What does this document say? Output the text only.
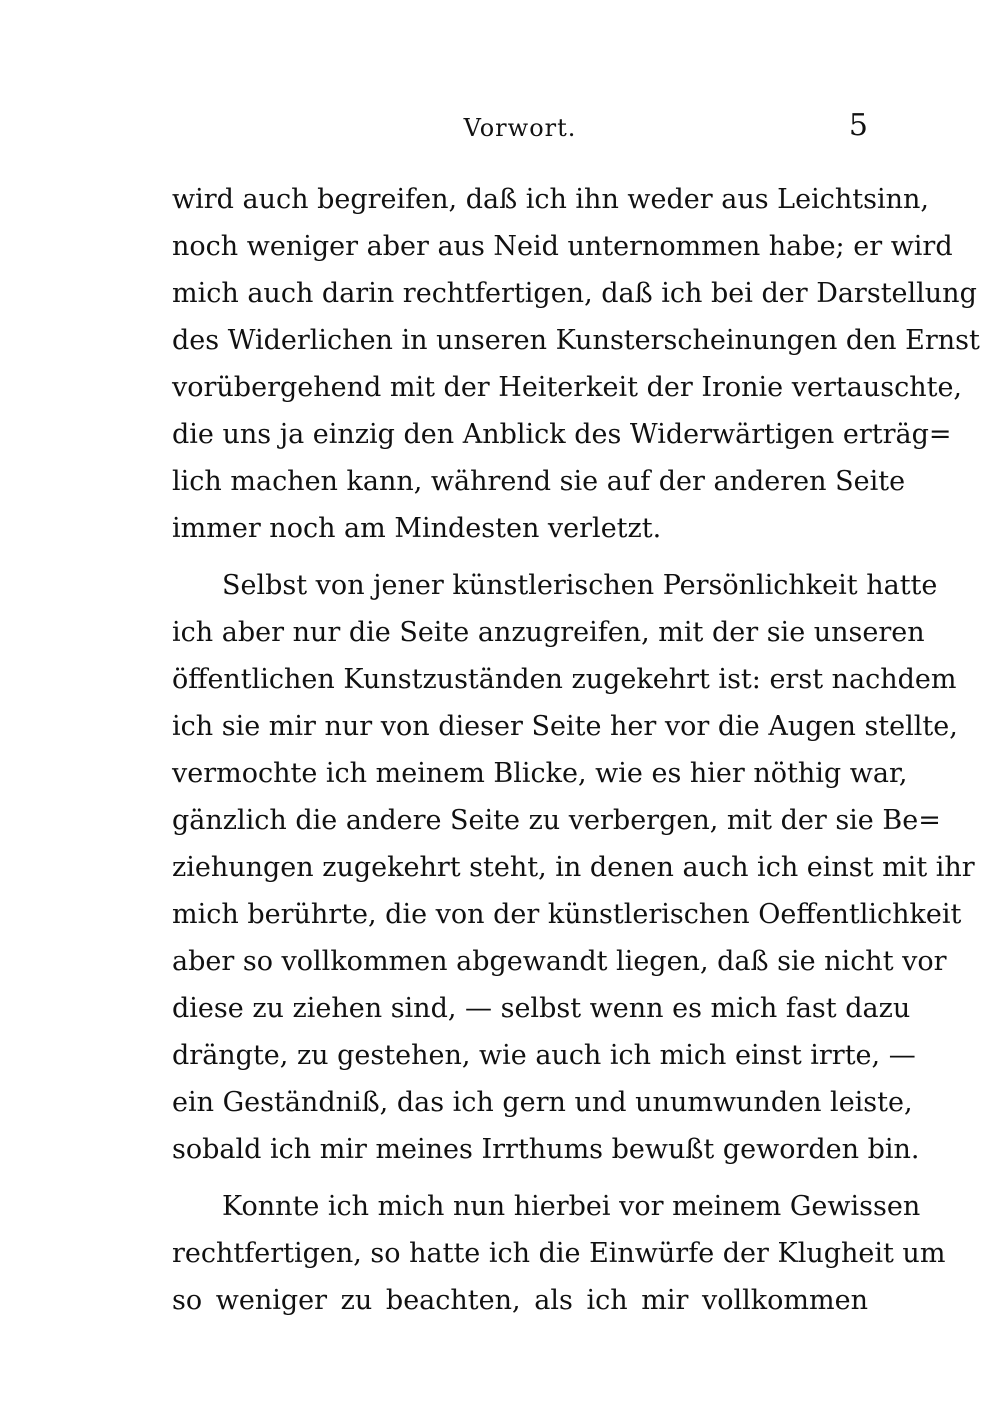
Vorwort.	5
wird auch begreifen, daß ich ihn weder aus Leichtsinn,
noch weniger aber aus Neid unternommen habe; er wird
mich auch darin rechtfertigen, daß ich bei der Darstellung
des Widerlichen in unseren Kunsterscheinungen den Ernst
vorübergehend mit der Heiterkeit der Ironie vertauschte,
die uns ja einzig den Anblick des Widerwärtigen erträg=
lich machen kann, während sie auf der anderen Seite
immer noch am Mindesten verletzt.
Selbst von jener künstlerischen Persönlichkeit hatte
ich aber nur die Seite anzugreifen, mit der sie unseren
öffentlichen Kunstzuständen zugekehrt ist: erst nachdem
ich sie mir nur von dieser Seite her vor die Augen stellte,
vermochte ich meinem Blicke, wie es hier nöthig war,
gänzlich die andere Seite zu verbergen, mit der sie Be=
ziehungen zugekehrt steht, in denen auch ich einst mit ihr
mich berührte, die von der künstlerischen Oeffentlichkeit
aber so vollkommen abgewandt liegen, daß sie nicht vor
diese zu ziehen sind, — selbst wenn es mich fast dazu
drängte, zu gestehen, wie auch ich mich einst irrte, —
ein Geständniß, das ich gern und unumwunden leiste,
sobald ich mir meines Irrthums bewußt geworden bin.
Konnte ich mich nun hierbei vor meinem Gewissen
rechtfertigen, so hatte ich die Einwürfe der Klugheit um
so weniger zu beachten, als ich mir vollkommen
